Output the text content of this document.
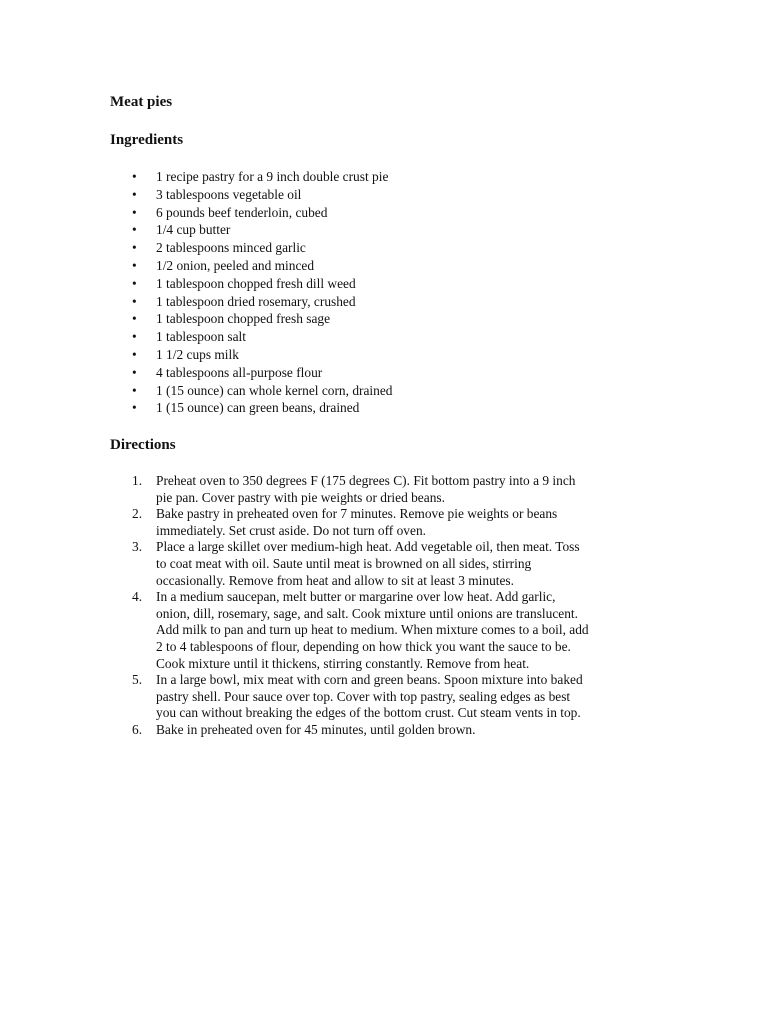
Meat pies
Ingredients
• 1 recipe pastry for a 9 inch double crust pie
• 3 tablespoons vegetable oil
• 6 pounds beef tenderloin, cubed
• 1/4 cup butter
• 2 tablespoons minced garlic
• 1/2 onion, peeled and minced
• 1 tablespoon chopped fresh dill weed
• 1 tablespoon dried rosemary, crushed
• 1 tablespoon chopped fresh sage
• 1 tablespoon salt
• 1 1/2 cups milk
• 4 tablespoons all-purpose flour
• 1 (15 ounce) can whole kernel corn, drained
• 1 (15 ounce) can green beans, drained
Directions
1. Preheat oven to 350 degrees F (175 degrees C). Fit bottom pastry into a 9 inch
pie pan. Cover pastry with pie weights or dried beans.
2. Bake pastry in preheated oven for 7 minutes. Remove pie weights or beans
immediately. Set crust aside. Do not turn off oven.
3. Place a large skillet over medium-high heat. Add vegetable oil, then meat. Toss
to coat meat with oil. Saute until meat is browned on all sides, stirring
occasionally. Remove from heat and allow to sit at least 3 minutes.
4. In a medium saucepan, melt butter or margarine over low heat. Add garlic,
onion, dill, rosemary, sage, and salt. Cook mixture until onions are translucent.
Add milk to pan and turn up heat to medium. When mixture comes to a boil, add
2 to 4 tablespoons of flour, depending on how thick you want the sauce to be.
Cook mixture until it thickens, stirring constantly. Remove from heat.
5. In a large bowl, mix meat with corn and green beans. Spoon mixture into baked
pastry shell. Pour sauce over top. Cover with top pastry, sealing edges as best
you can without breaking the edges of the bottom crust. Cut steam vents in top.
6. Bake in preheated oven for 45 minutes, until golden brown.
